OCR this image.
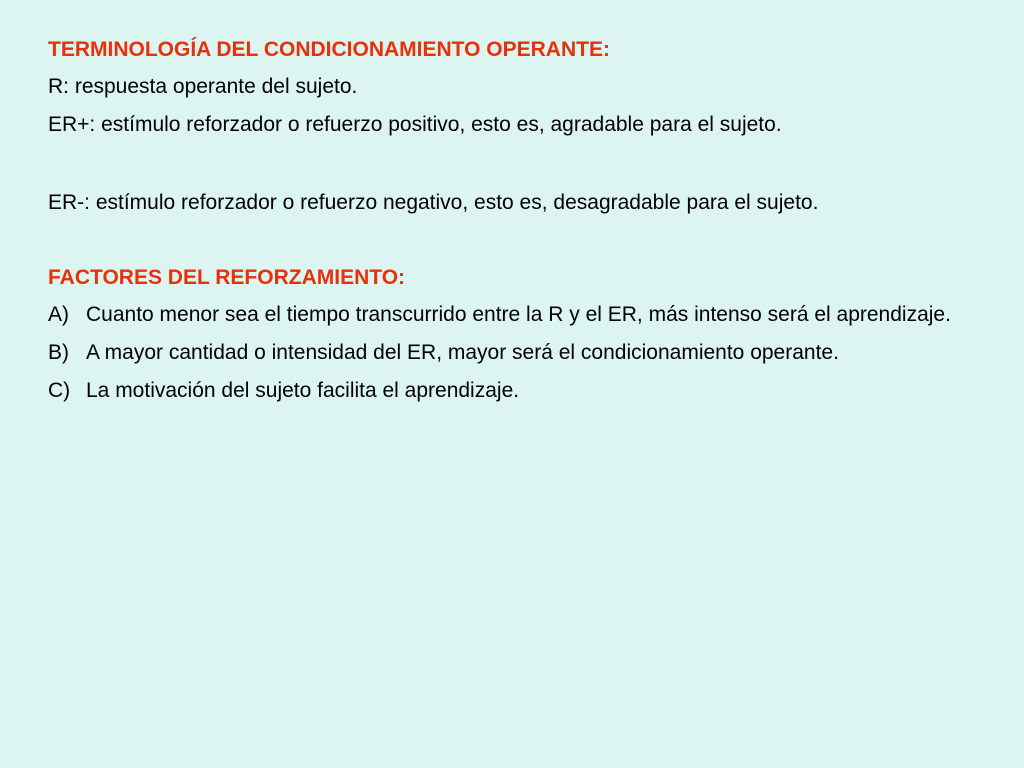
TERMINOLOGÍA DEL CONDICIONAMIENTO OPERANTE:
R: respuesta operante del sujeto.
ER+: estímulo reforzador o refuerzo positivo, esto es, agradable para el sujeto.
ER-: estímulo reforzador o refuerzo negativo, esto es, desagradable para el sujeto.
FACTORES DEL REFORZAMIENTO:
A) Cuanto menor sea el tiempo transcurrido entre la R y el ER, más intenso será el aprendizaje.
B) A mayor cantidad o intensidad del ER, mayor será el condicionamiento operante.
C) La motivación del sujeto facilita el aprendizaje.
